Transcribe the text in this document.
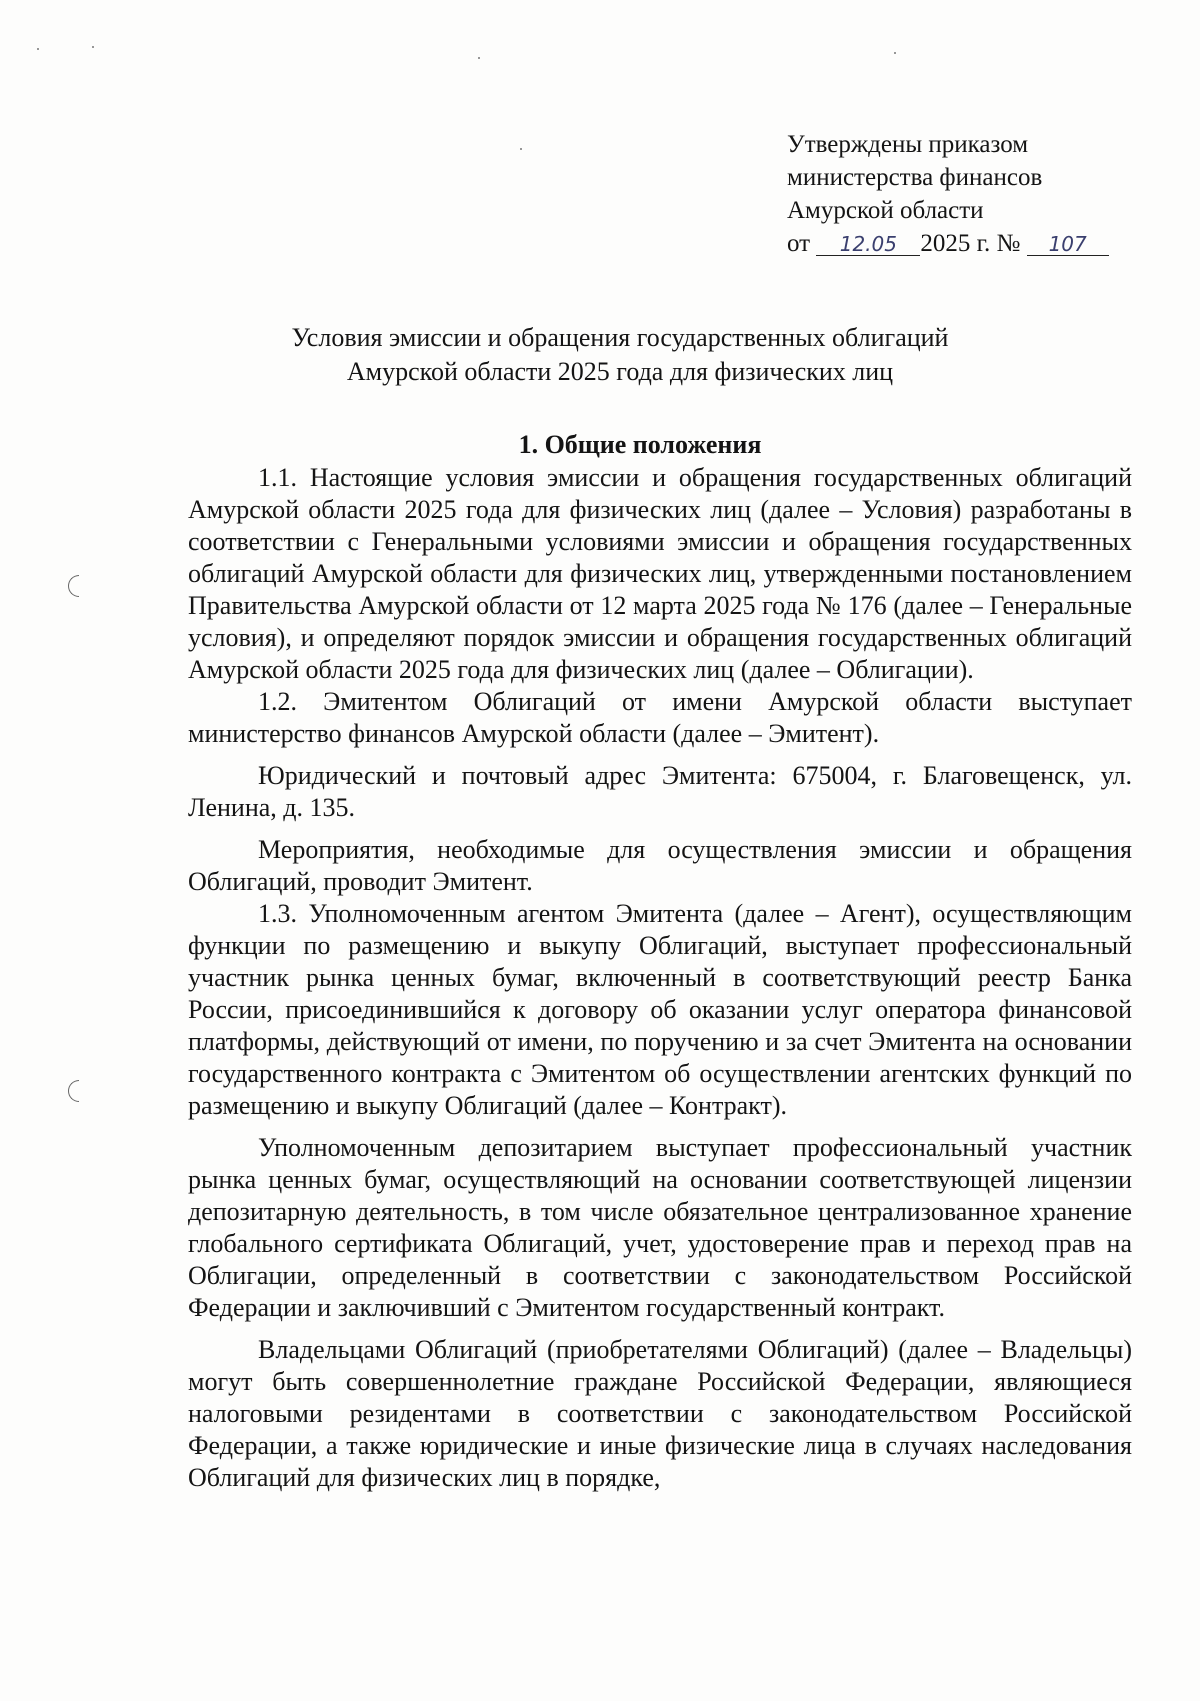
Утверждены приказом
министерства финансов
Амурской области
от 12.05 2025 г. № 107
Условия эмиссии и обращения государственных облигаций
Амурской области 2025 года для физических лиц
1. Общие положения

1.1. Настоящие условия эмиссии и обращения государственных облигаций Амурской области 2025 года для физических лиц (далее – Условия) разработаны в соответствии с Генеральными условиями эмиссии и обращения государственных облигаций Амурской области для физических лиц, утвержденными постановлением Правительства Амурской области от 12 марта 2025 года № 176 (далее – Генеральные условия), и определяют порядок эмиссии и обращения государственных облигаций Амурской области 2025 года для физических лиц (далее – Облигации).

1.2. Эмитентом Облигаций от имени Амурской области выступает министерство финансов Амурской области (далее – Эмитент).

Юридический и почтовый адрес Эмитента: 675004, г. Благовещенск, ул. Ленина, д. 135.

Мероприятия, необходимые для осуществления эмиссии и обращения Облигаций, проводит Эмитент.

1.3. Уполномоченным агентом Эмитента (далее – Агент), осуществляющим функции по размещению и выкупу Облигаций, выступает профессиональный участник рынка ценных бумаг, включенный в соответствующий реестр Банка России, присоединившийся к договору об оказании услуг оператора финансовой платформы, действующий от имени, по поручению и за счет Эмитента на основании государственного контракта с Эмитентом об осуществлении агентских функций по размещению и выкупу Облигаций (далее – Контракт).

Уполномоченным депозитарием выступает профессиональный участник рынка ценных бумаг, осуществляющий на основании соответствующей лицензии депозитарную деятельность, в том числе обязательное централизованное хранение глобального сертификата Облигаций, учет, удостоверение прав и переход прав на Облигации, определенный в соответствии с законодательством Российской Федерации и заключивший с Эмитентом государственный контракт.

Владельцами Облигаций (приобретателями Облигаций) (далее – Владельцы) могут быть совершеннолетние граждане Российской Федерации, являющиеся налоговыми резидентами в соответствии с законодательством Российской Федерации, а также юридические и иные физические лица в случаях наследования Облигаций для физических лиц в порядке,
